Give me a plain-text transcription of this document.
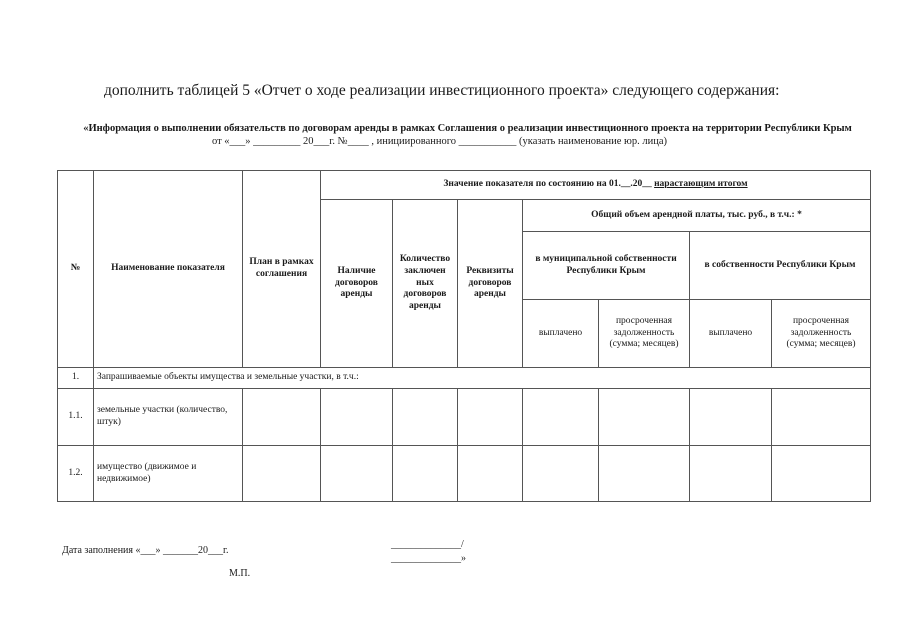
дополнить таблицей 5 «Отчет о ходе реализации инвестиционного проекта» следующего содержания:
«Информация о выполнении обязательств по договорам аренды в рамках Соглашения о реализации инвестиционного проекта на территории Республики Крым
от «___» _________ 20___г. №____ , инициированного ___________ (указать наименование юр. лица)
№	Наименование показателя	План в рамках соглашения	Значение показателя по состоянию на 01.__.20__ нарастающим итогом						
			Наличие договоров аренды	Количество заключен ных договоров аренды	Реквизиты договоров аренды	Общий объем арендной платы, тыс. руб., в т.ч.: *			
						в муниципальной собственности Республики Крым		в собственности Республики Крым	
						выплачено	просроченная задолженность (сумма; месяцев)	выплачено	просроченная задолженность (сумма; месяцев)
1.	Запрашиваемые объекты имущества и земельные участки, в т.ч.:								
1.1.	земельные участки (количество, штук)								
1.2.	имущество (движимое и недвижимое)								
Дата заполнения «___» _______20___г.
М.П.
______________/
______________»
